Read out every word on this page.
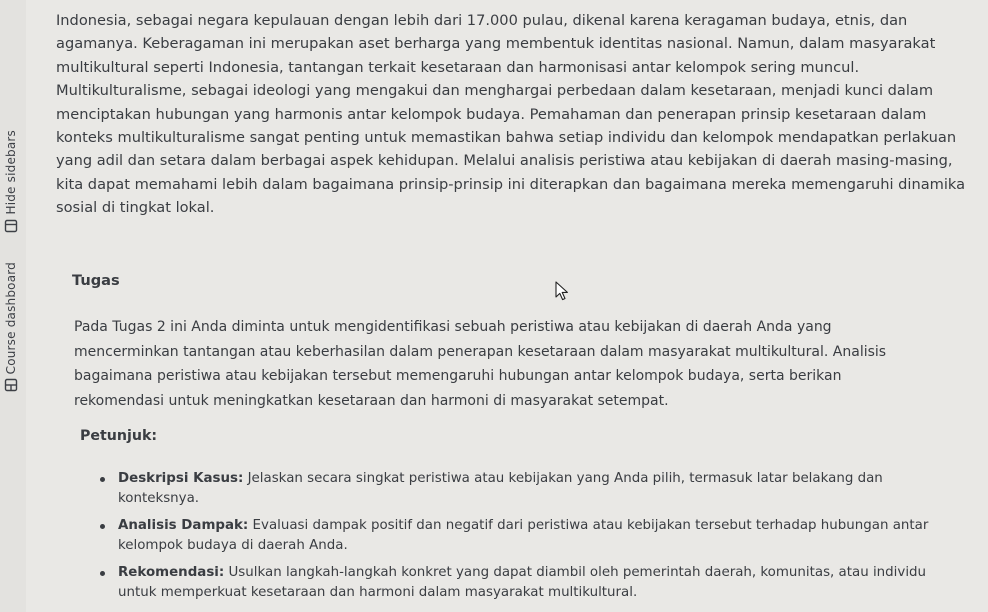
Hide sidebars
Course dashboard

Indonesia, sebagai negara kepulauan dengan lebih dari 17.000 pulau, dikenal karena keragaman budaya, etnis, dan agamanya. Keberagaman ini merupakan aset berharga yang membentuk identitas nasional. Namun, dalam masyarakat multikultural seperti Indonesia, tantangan terkait kesetaraan dan harmonisasi antar kelompok sering muncul. Multikulturalisme, sebagai ideologi yang mengakui dan menghargai perbedaan dalam kesetaraan, menjadi kunci dalam menciptakan hubungan yang harmonis antar kelompok budaya. Pemahaman dan penerapan prinsip kesetaraan dalam konteks multikulturalisme sangat penting untuk memastikan bahwa setiap individu dan kelompok mendapatkan perlakuan yang adil dan setara dalam berbagai aspek kehidupan. Melalui analisis peristiwa atau kebijakan di daerah masing-masing, kita dapat memahami lebih dalam bagaimana prinsip-prinsip ini diterapkan dan bagaimana mereka memengaruhi dinamika sosial di tingkat lokal.

Tugas

Pada Tugas 2 ini Anda diminta untuk mengidentifikasi sebuah peristiwa atau kebijakan di daerah Anda yang mencerminkan tantangan atau keberhasilan dalam penerapan kesetaraan dalam masyarakat multikultural. Analisis bagaimana peristiwa atau kebijakan tersebut memengaruhi hubungan antar kelompok budaya, serta berikan rekomendasi untuk meningkatkan kesetaraan dan harmoni di masyarakat setempat.

Petunjuk:
Deskripsi Kasus: Jelaskan secara singkat peristiwa atau kebijakan yang Anda pilih, termasuk latar belakang dan konteksnya.
Analisis Dampak: Evaluasi dampak positif dan negatif dari peristiwa atau kebijakan tersebut terhadap hubungan antar kelompok budaya di daerah Anda.
Rekomendasi: Usulkan langkah-langkah konkret yang dapat diambil oleh pemerintah daerah, komunitas, atau individu untuk memperkuat kesetaraan dan harmoni dalam masyarakat multikultural.
